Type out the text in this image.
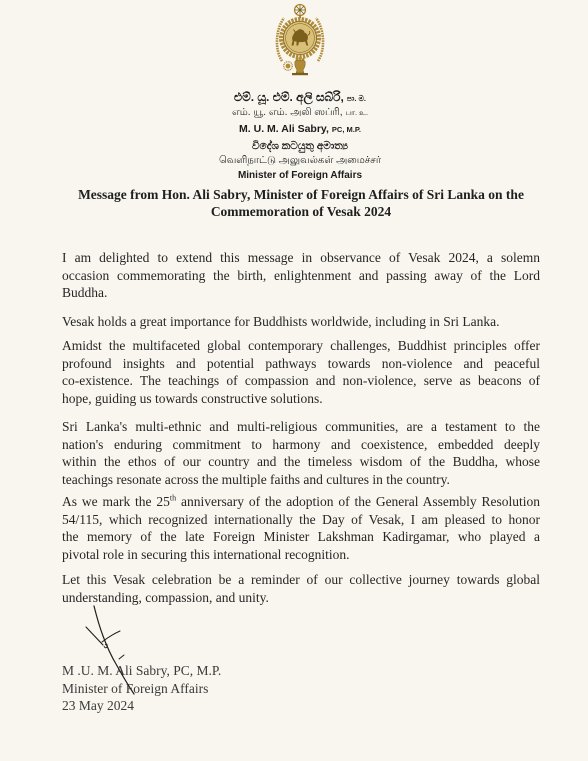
එම්. යූ. එම්. අලි සබ්රි, පා. ම.
எம். யூ. எம். அலி ஸப்ரி, பா. உ.
M. U. M. Ali Sabry, PC, M.P.
විදේශ කටයුතු අමාත්‍ය
வெளிநாட்டு அலுவல்கள் அமைச்சர்
Minister of Foreign Affairs
Message from Hon. Ali Sabry, Minister of Foreign Affairs of Sri Lanka on the
Commemoration of Vesak 2024
I am delighted to extend this message in observance of Vesak 2024, a solemn
occasion commemorating the birth, enlightenment and passing away of the Lord
Buddha.
Vesak holds a great importance for Buddhists worldwide, including in Sri Lanka.
Amidst the multifaceted global contemporary challenges, Buddhist principles offer
profound insights and potential pathways towards non-violence and peaceful
co-existence. The teachings of compassion and non-violence, serve as beacons of
hope, guiding us towards constructive solutions.
Sri Lanka's multi-ethnic and multi-religious communities, are a testament to the
nation's enduring commitment to harmony and coexistence, embedded deeply
within the ethos of our country and the timeless wisdom of the Buddha, whose
teachings resonate across the multiple faiths and cultures in the country.
As we mark the 25th anniversary of the adoption of the General Assembly Resolution
54/115, which recognized internationally the Day of Vesak, I am pleased to honor
the memory of the late Foreign Minister Lakshman Kadirgamar, who played a
pivotal role in securing this international recognition.
Let this Vesak celebration be a reminder of our collective journey towards global
understanding, compassion, and unity.
M .U. M. Ali Sabry, PC, M.P.
Minister of Foreign Affairs
23 May 2024
